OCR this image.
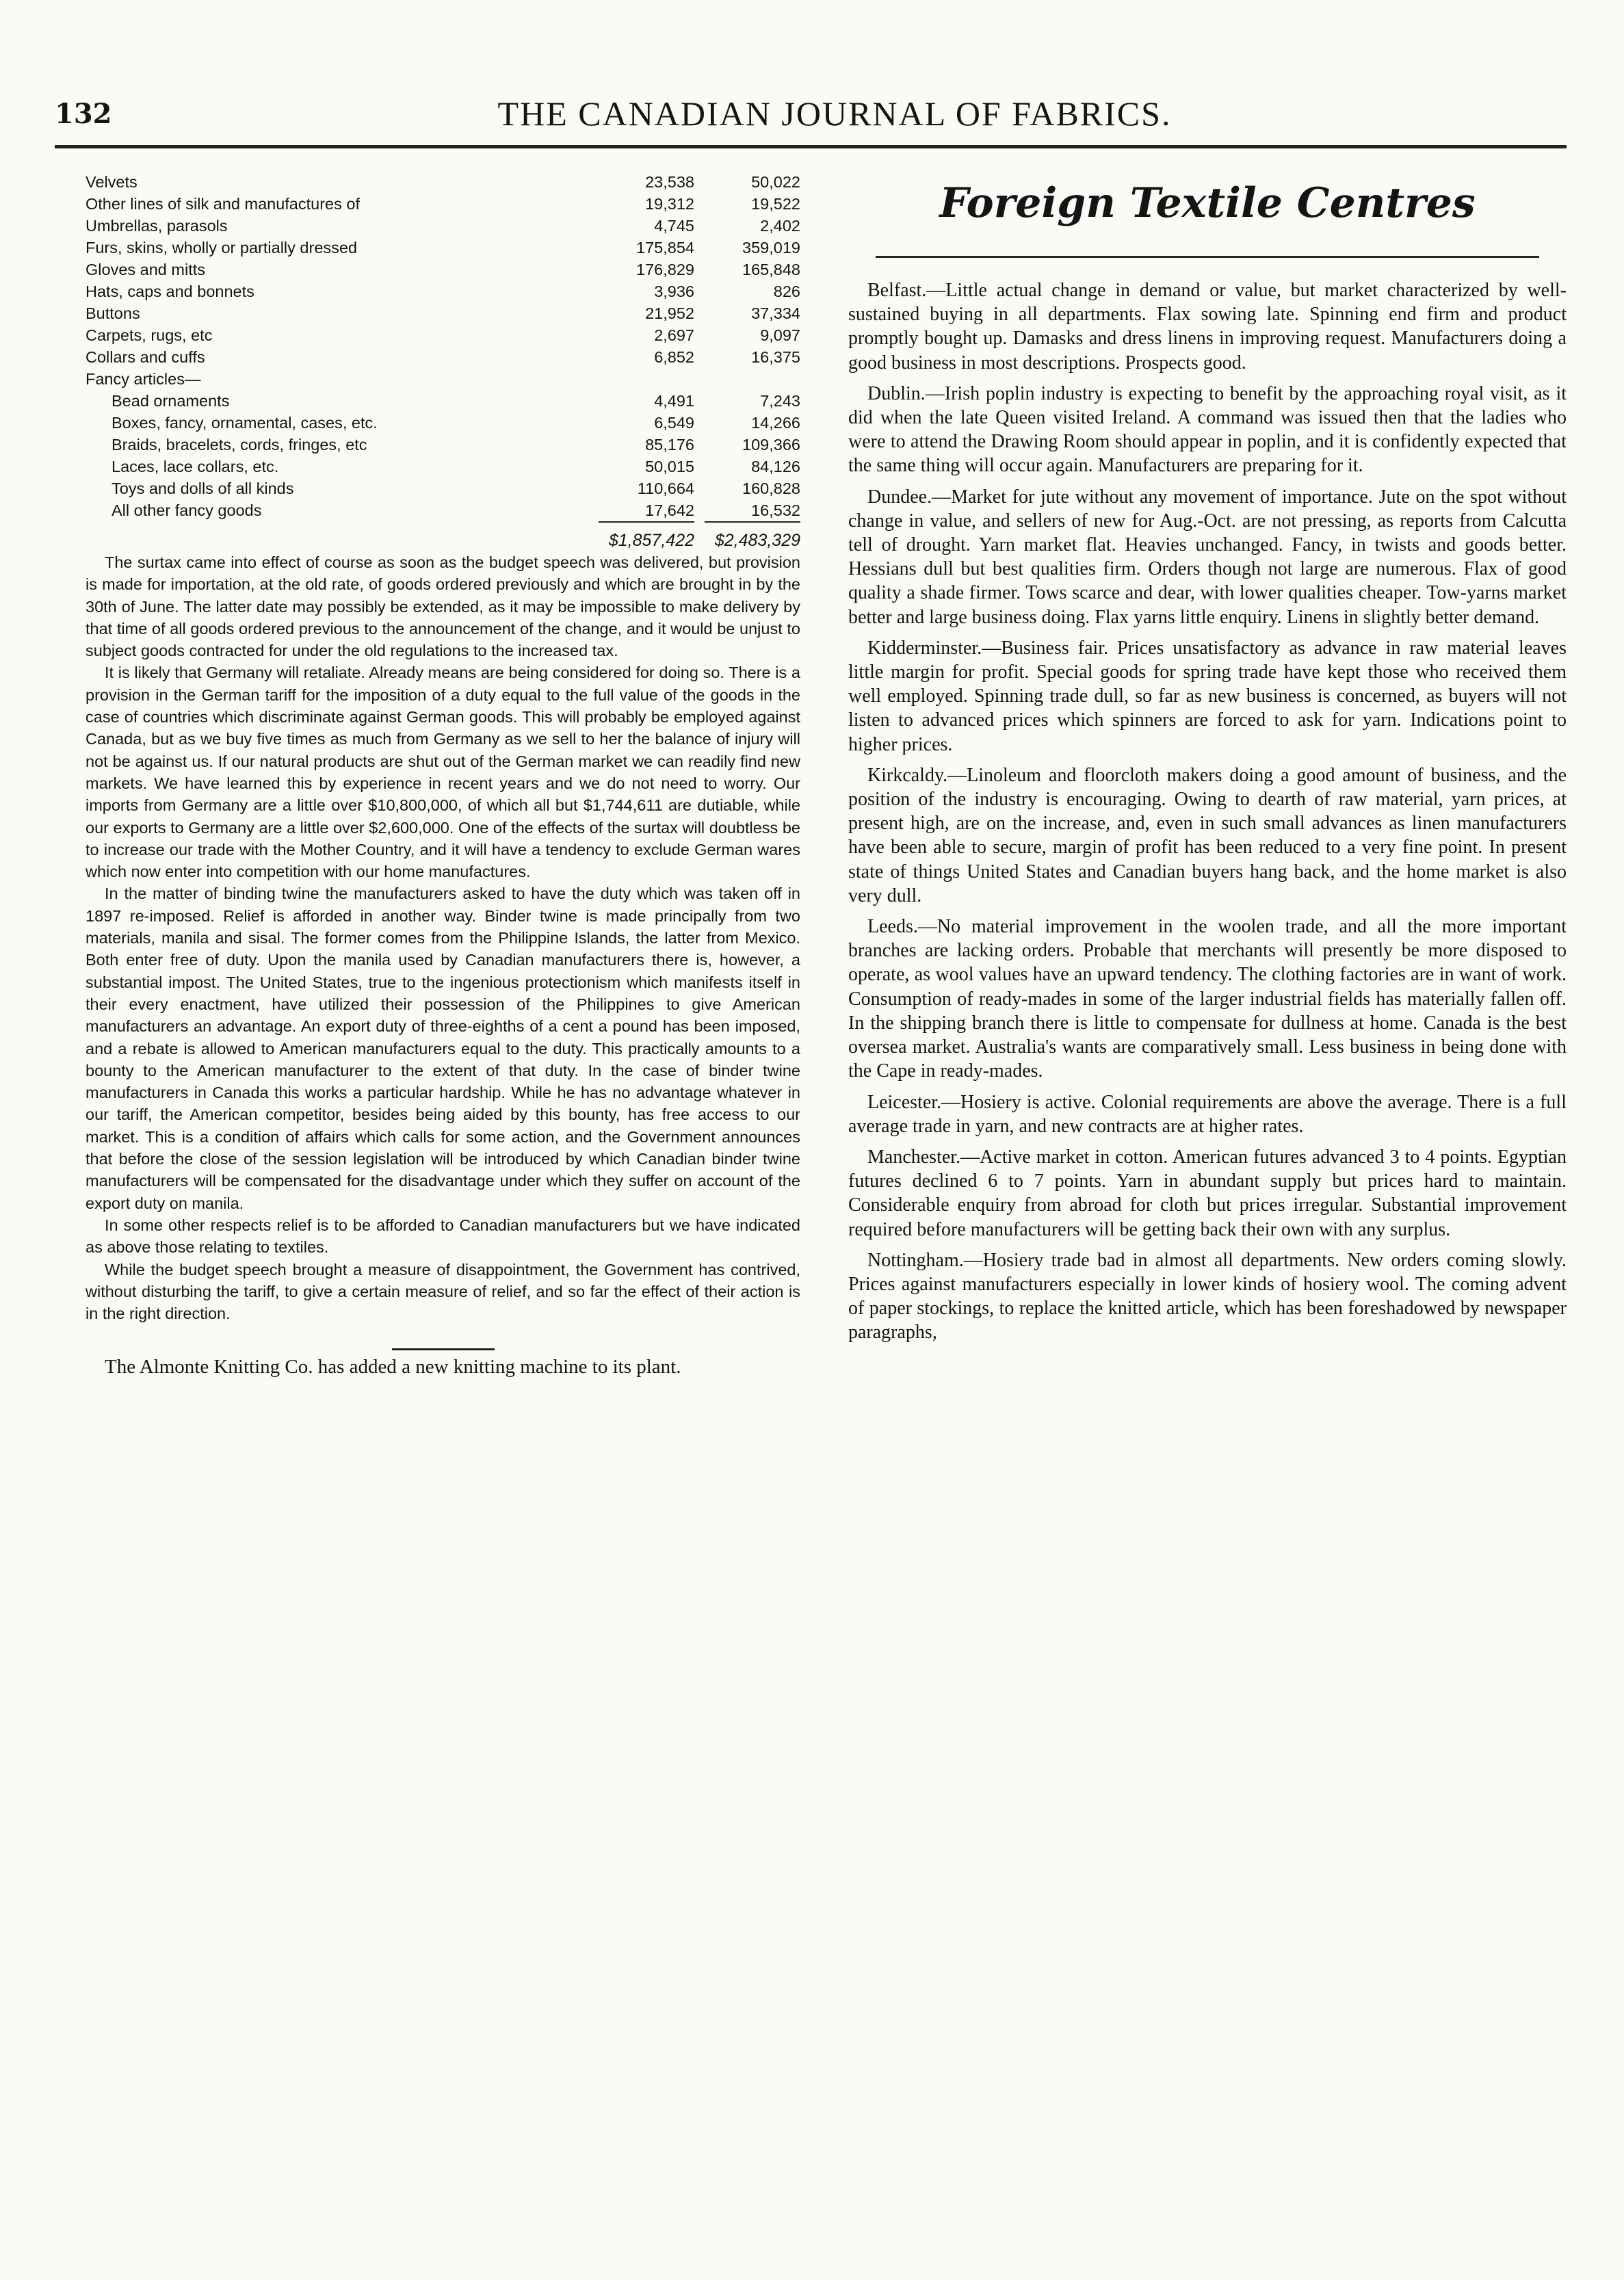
132	THE CANADIAN JOURNAL OF FABRICS.
Velvets	23,538	50,022
Other lines of silk and manufactures of	19,312	19,522
Umbrellas, parasols	4,745	2,402
Furs, skins, wholly or partially dressed	175,854	359,019
Gloves and mitts	176,829	165,848
Hats, caps and bonnets	3,936	826
Buttons	21,952	37,334
Carpets, rugs, etc	2,697	9,097
Collars and cuffs	6,852	16,375
Fancy articles—
Bead ornaments	4,491	7,243
Boxes, fancy, ornamental, cases, etc.	6,549	14,266
Braids, bracelets, cords, fringes, etc	85,176	109,366
Laces, lace collars, etc.	50,015	84,126
Toys and dolls of all kinds	110,664	160,828
All other fancy goods	17,642	16,532
$1,857,422	$2,483,329

The surtax came into effect of course as soon as the budget speech was delivered, but provision is made for importation, at the old rate, of goods ordered previously and which are brought in by the 30th of June. The latter date may possibly be extended, as it may be impossible to make delivery by that time of all goods ordered previous to the announcement of the change, and it would be unjust to subject goods contracted for under the old regulations to the increased tax.

It is likely that Germany will retaliate. Already means are being considered for doing so. There is a provision in the German tariff for the imposition of a duty equal to the full value of the goods in the case of countries which discriminate against German goods. This will probably be employed against Canada, but as we buy five times as much from Germany as we sell to her the balance of injury will not be against us. If our natural products are shut out of the German market we can readily find new markets. We have learned this by experience in recent years and we do not need to worry. Our imports from Germany are a little over $10,800,000, of which all but $1,744,611 are dutiable, while our exports to Germany are a little over $2,600,000. One of the effects of the surtax will doubtless be to increase our trade with the Mother Country, and it will have a tendency to exclude German wares which now enter into competition with our home manufactures.

In the matter of binding twine the manufacturers asked to have the duty which was taken off in 1897 re-imposed. Relief is afforded in another way. Binder twine is made principally from two materials, manila and sisal. The former comes from the Philippine Islands, the latter from Mexico. Both enter free of duty. Upon the manila used by Canadian manufacturers there is, however, a substantial impost. The United States, true to the ingenious protectionism which manifests itself in their every enactment, have utilized their possession of the Philippines to give American manufacturers an advantage. An export duty of three-eighths of a cent a pound has been imposed, and a rebate is allowed to American manufacturers equal to the duty. This practically amounts to a bounty to the American manufacturer to the extent of that duty. In the case of binder twine manufacturers in Canada this works a particular hardship. While he has no advantage whatever in our tariff, the American competitor, besides being aided by this bounty, has free access to our market. This is a condition of affairs which calls for some action, and the Government announces that before the close of the session legislation will be introduced by which Canadian binder twine manufacturers will be compensated for the disadvantage under which they suffer on account of the export duty on manila.

In some other respects relief is to be afforded to Canadian manufacturers but we have indicated as above those relating to textiles.

While the budget speech brought a measure of disappointment, the Government has contrived, without disturbing the tariff, to give a certain measure of relief, and so far the effect of their action is in the right direction.

The Almonte Knitting Co. has added a new knitting machine to its plant.

Foreign Textile Centres

Belfast.—Little actual change in demand or value, but market characterized by well-sustained buying in all departments. Flax sowing late. Spinning end firm and product promptly bought up. Damasks and dress linens in improving request. Manufacturers doing a good business in most descriptions. Prospects good.

Dublin.—Irish poplin industry is expecting to benefit by the approaching royal visit, as it did when the late Queen visited Ireland. A command was issued then that the ladies who were to attend the Drawing Room should appear in poplin, and it is confidently expected that the same thing will occur again. Manufacturers are preparing for it.

Dundee.—Market for jute without any movement of importance. Jute on the spot without change in value, and sellers of new for Aug.-Oct. are not pressing, as reports from Calcutta tell of drought. Yarn market flat. Heavies unchanged. Fancy, in twists and goods better. Hessians dull but best qualities firm. Orders though not large are numerous. Flax of good quality a shade firmer. Tows scarce and dear, with lower qualities cheaper. Tow-yarns market better and large business doing. Flax yarns little enquiry. Linens in slightly better demand.

Kidderminster.—Business fair. Prices unsatisfactory as advance in raw material leaves little margin for profit. Special goods for spring trade have kept those who received them well employed. Spinning trade dull, so far as new business is concerned, as buyers will not listen to advanced prices which spinners are forced to ask for yarn. Indications point to higher prices.

Kirkcaldy.—Linoleum and floorcloth makers doing a good amount of business, and the position of the industry is encouraging. Owing to dearth of raw material, yarn prices, at present high, are on the increase, and, even in such small advances as linen manufacturers have been able to secure, margin of profit has been reduced to a very fine point. In present state of things United States and Canadian buyers hang back, and the home market is also very dull.

Leeds.—No material improvement in the woolen trade, and all the more important branches are lacking orders. Probable that merchants will presently be more disposed to operate, as wool values have an upward tendency. The clothing factories are in want of work. Consumption of ready-mades in some of the larger industrial fields has materially fallen off. In the shipping branch there is little to compensate for dullness at home. Canada is the best oversea market. Australia's wants are comparatively small. Less business in being done with the Cape in ready-mades.

Leicester.—Hosiery is active. Colonial requirements are above the average. There is a full average trade in yarn, and new contracts are at higher rates.

Manchester.—Active market in cotton. American futures advanced 3 to 4 points. Egyptian futures declined 6 to 7 points. Yarn in abundant supply but prices hard to maintain. Considerable enquiry from abroad for cloth but prices irregular. Substantial improvement required before manufacturers will be getting back their own with any surplus.

Nottingham.—Hosiery trade bad in almost all departments. New orders coming slowly. Prices against manufacturers especially in lower kinds of hosiery wool. The coming advent of paper stockings, to replace the knitted article, which has been foreshadowed by newspaper paragraphs,
